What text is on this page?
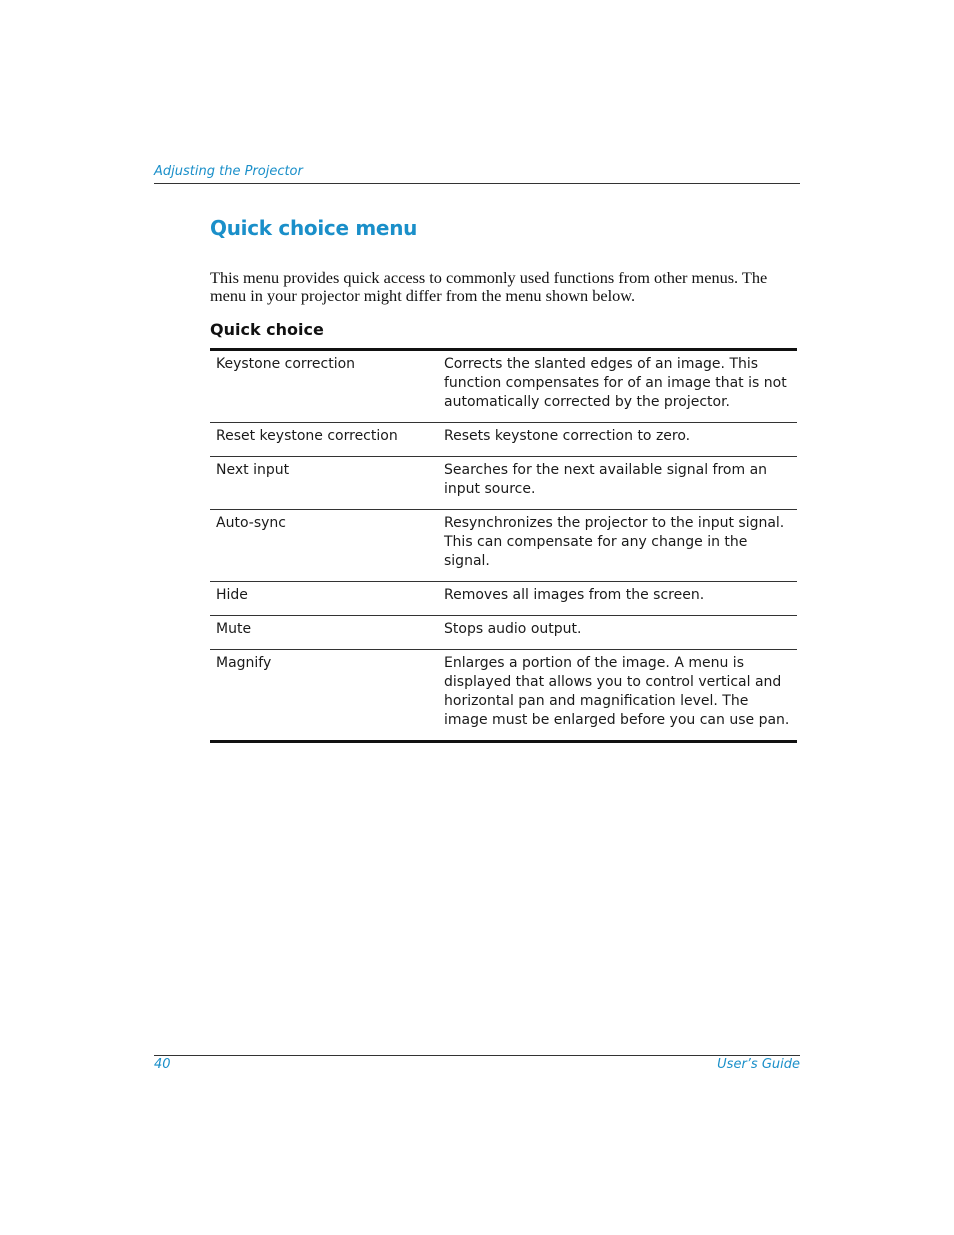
Adjusting the Projector
Quick choice menu

This menu provides quick access to commonly used functions from other menus. The menu in your projector might differ from the menu shown below.

Quick choice
Keystone correction	Corrects the slanted edges of an image. This function compensates for of an image that is not automatically corrected by the projector.
Reset keystone correction	Resets keystone correction to zero.
Next input	Searches for the next available signal from an input source.
Auto-sync	Resynchronizes the projector to the input signal. This can compensate for any change in the signal.
Hide	Removes all images from the screen.
Mute	Stops audio output.
Magnify	Enlarges a portion of the image. A menu is displayed that allows you to control vertical and horizontal pan and magnification level. The image must be enlarged before you can use pan.
40	User’s Guide
